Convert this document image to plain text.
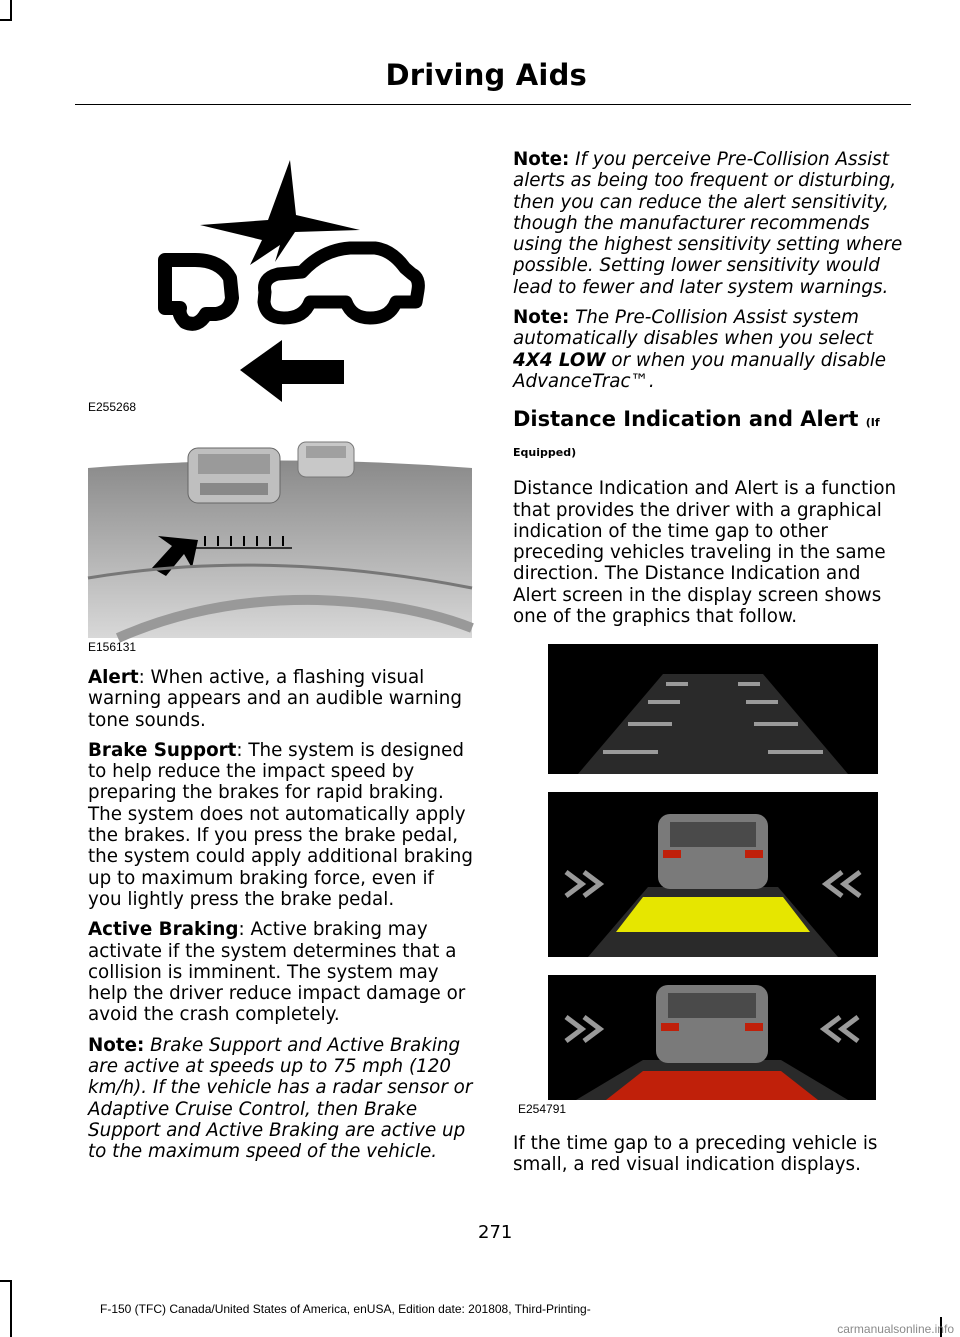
Driving Aids
E255268
E156131

Alert: When active, a flashing visual warning appears and an audible warning tone sounds.

Brake Support: The system is designed to help reduce the impact speed by preparing the brakes for rapid braking. The system does not automatically apply the brakes. If you press the brake pedal, the system could apply additional braking up to maximum braking force, even if you lightly press the brake pedal.

Active Braking: Active braking may activate if the system determines that a collision is imminent. The system may help the driver reduce impact damage or avoid the crash completely.

Note: Brake Support and Active Braking are active at speeds up to 75 mph (120 km/h). If the vehicle has a radar sensor or Adaptive Cruise Control, then Brake Support and Active Braking are active up to the maximum speed of the vehicle.

Note: If you perceive Pre-Collision Assist alerts as being too frequent or disturbing, then you can reduce the alert sensitivity, though the manufacturer recommends using the highest sensitivity setting where possible. Setting lower sensitivity would lead to fewer and later system warnings.

Note: The Pre-Collision Assist system automatically disables when you select 4X4 LOW or when you manually disable AdvanceTrac™.

Distance Indication and Alert (If Equipped)

Distance Indication and Alert is a function that provides the driver with a graphical indication of the time gap to other preceding vehicles traveling in the same direction. The Distance Indication and Alert screen in the display screen shows one of the graphics that follow.

E254791

If the time gap to a preceding vehicle is small, a red visual indication displays.

271
F-150 (TFC) Canada/United States of America, enUSA, Edition date: 201808, Third-Printing-
carmanualsonline.info
